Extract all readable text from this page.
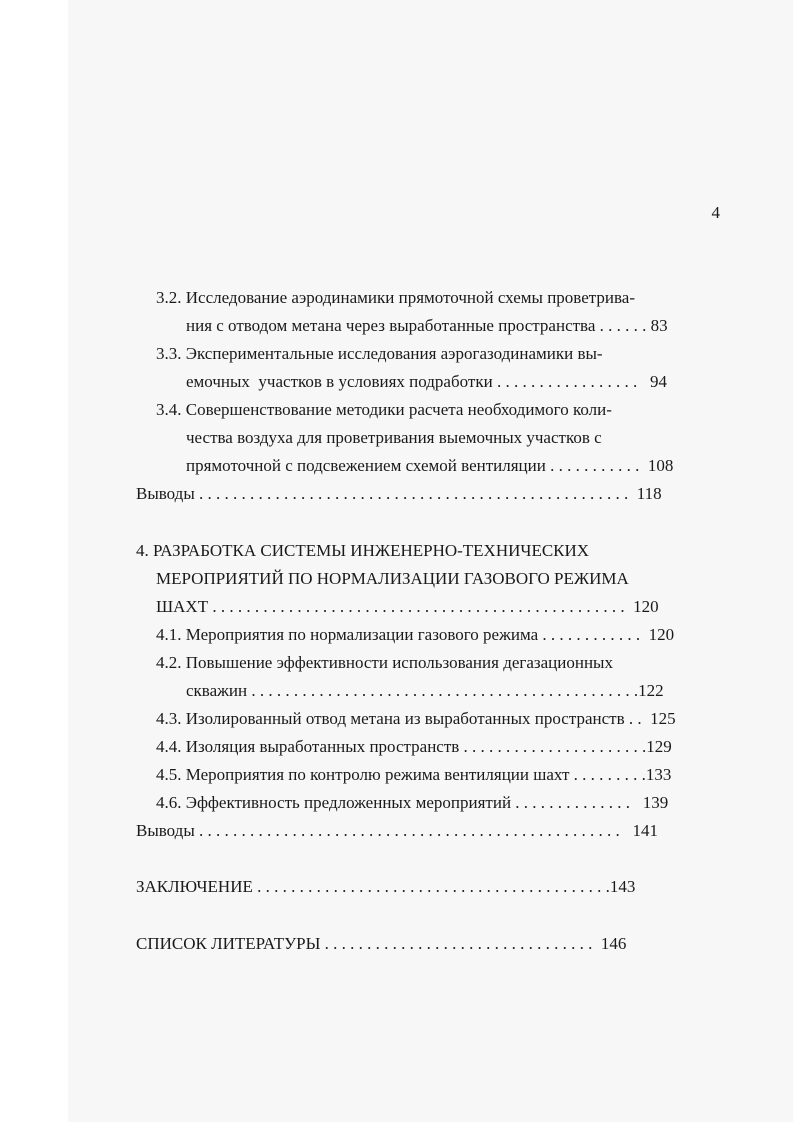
4
3.2. Исследование аэродинамики прямоточной схемы проветрива-
ния с отводом метана через выработанные пространства . . . . . . 83
3.3. Экспериментальные исследования аэрогазодинамики вы-
емочных  участков в условиях подработки . . . . . . . . . . . . . . . . .   94
3.4. Совершенствование методики расчета необходимого коли-
чества воздуха для проветривания выемочных участков с
прямоточной с подсвежением схемой вентиляции . . . . . . . . . . .  108
Выводы . . . . . . . . . . . . . . . . . . . . . . . . . . . . . . . . . . . . . . . . . . . . . . . . . . .  118
4. РАЗРАБОТКА СИСТЕМЫ ИНЖЕНЕРНО-ТЕХНИЧЕСКИХ
МЕРОПРИЯТИЙ ПО НОРМАЛИЗАЦИИ ГАЗОВОГО РЕЖИМА
ШАХТ . . . . . . . . . . . . . . . . . . . . . . . . . . . . . . . . . . . . . . . . . . . . . . . . .  120
4.1. Мероприятия по нормализации газового режима . . . . . . . . . . . .  120
4.2. Повышение эффективности использования дегазационных
скважин . . . . . . . . . . . . . . . . . . . . . . . . . . . . . . . . . . . . . . . . . . . . . .122
4.3. Изолированный отвод метана из выработанных пространств . .  125
4.4. Изоляция выработанных пространств . . . . . . . . . . . . . . . . . . . . . .129
4.5. Мероприятия по контролю режима вентиляции шахт . . . . . . . . .133
4.6. Эффективность предложенных мероприятий . . . . . . . . . . . . . .   139
Выводы . . . . . . . . . . . . . . . . . . . . . . . . . . . . . . . . . . . . . . . . . . . . . . . . . .   141
ЗАКЛЮЧЕНИЕ . . . . . . . . . . . . . . . . . . . . . . . . . . . . . . . . . . . . . . . . . .143
СПИСОК ЛИТЕРАТУРЫ . . . . . . . . . . . . . . . . . . . . . . . . . . . . . . . .  146
